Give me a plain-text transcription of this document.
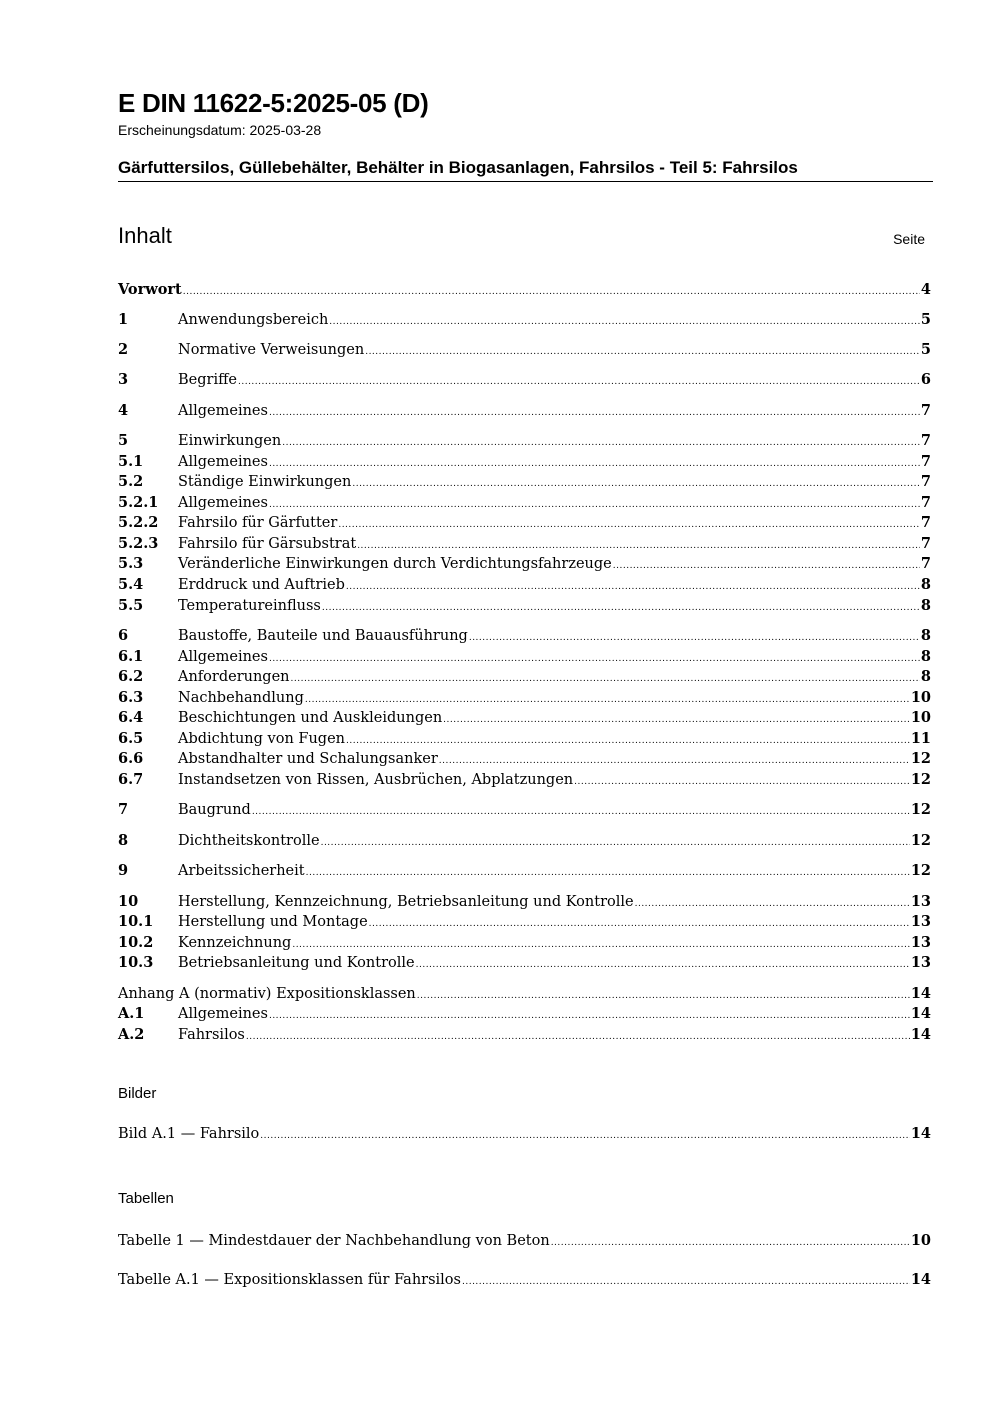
E DIN 11622-5:2025-05 (D)
Erscheinungsdatum: 2025-03-28
Gärfuttersilos, Güllebehälter, Behälter in Biogasanlagen, Fahrsilos - Teil 5: Fahrsilos
Inhalt	Seite
Vorwort .....	4
1	Anwendungsbereich .....	5
2	Normative Verweisungen .....	5
3	Begriffe .....	6
4	Allgemeines .....	7
5	Einwirkungen .....	7
5.1	Allgemeines .....	7
5.2	Ständige Einwirkungen .....	7
5.2.1	Allgemeines .....	7
5.2.2	Fahrsilo für Gärfutter .....	7
5.2.3	Fahrsilo für Gärsubstrat .....	7
5.3	Veränderliche Einwirkungen durch Verdichtungsfahrzeuge .....	7
5.4	Erddruck und Auftrieb .....	8
5.5	Temperatureinfluss .....	8
6	Baustoffe, Bauteile und Bauausführung .....	8
6.1	Allgemeines .....	8
6.2	Anforderungen .....	8
6.3	Nachbehandlung .....	10
6.4	Beschichtungen und Auskleidungen .....	10
6.5	Abdichtung von Fugen .....	11
6.6	Abstandhalter und Schalungsanker .....	12
6.7	Instandsetzen von Rissen, Ausbrüchen, Abplatzungen .....	12
7	Baugrund .....	12
8	Dichtheitskontrolle .....	12
9	Arbeitssicherheit .....	12
10	Herstellung, Kennzeichnung, Betriebsanleitung und Kontrolle .....	13
10.1	Herstellung und Montage .....	13
10.2	Kennzeichnung .....	13
10.3	Betriebsanleitung und Kontrolle .....	13
Anhang A (normativ) Expositionsklassen .....	14
A.1	Allgemeines .....	14
A.2	Fahrsilos .....	14
Bilder
Bild A.1 — Fahrsilo .....	14
Tabellen
Tabelle 1 — Mindestdauer der Nachbehandlung von Beton .....	10
Tabelle A.1 — Expositionsklassen für Fahrsilos .....	14
